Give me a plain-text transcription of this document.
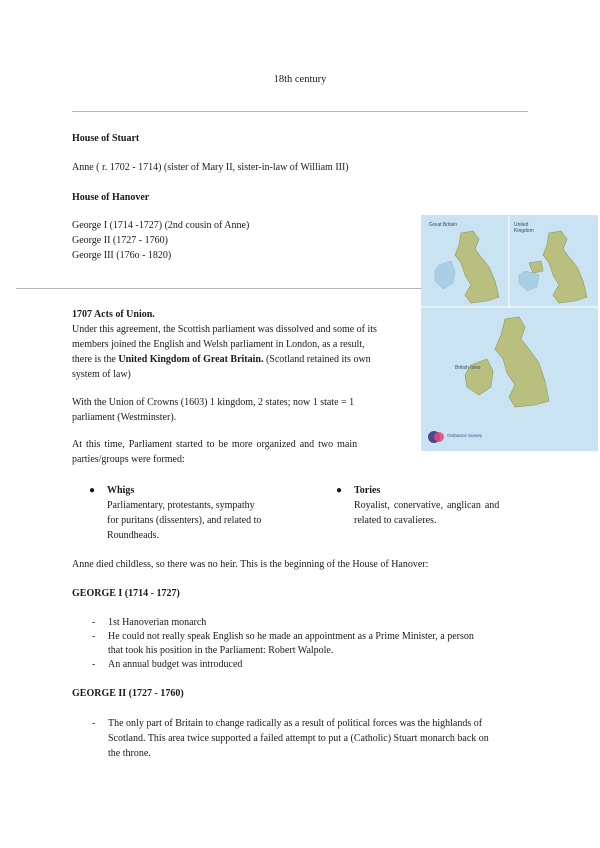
18th century
House of Stuart
Anne ( r. 1702 - 1714) (sister of Mary II, sister-in-law of William III)
House of Hanover
George I (1714 -1727) (2nd cousin of Anne)
George II (1727 - 1760)
George III (176o - 1820)
Great Britain	United Kingdom
British Isles
Ordnance Survey
1707 Acts of Union.
Under this agreement, the Scottish parliament was dissolved and some of its
members joined the English and Welsh parliament in London, as a result,
there is the United Kingdom of Great Britain. (Scotland retained its own
system of law)
With the Union of Crowns (1603) 1 kingdom, 2 states; now 1 state = 1
parliament (Westminster).
At this time, Parliament started to be more organized and two main
parties/groups were formed:
● Whigs
Parliamentary, protestants, sympathy
for puritans (dissenters), and related to
Roundheads.
● Tories
Royalist, conervative, anglican and
related to cavalieres.
Anne died childless, so there was no heir. This is the beginning of the House of Hanover:
GEORGE I (1714 - 1727)
- 1st Hanoverian monarch
- He could not really speak English so he made an appointment as a Prime Minister, a person
that took his position in the Parliament: Robert Walpole.
- An annual budget was introduced
GEORGE II (1727 - 1760)
- The only part of Britain to change radically as a result of political forces was the highlands of
Scotland. This area twice supported a failed attempt to put a (Catholic) Stuart monarch back on
the throne.
